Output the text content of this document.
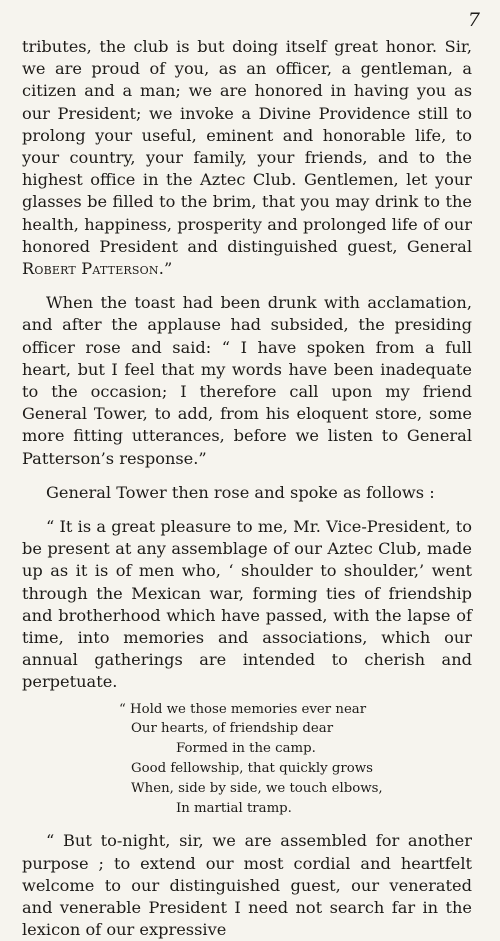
7

tributes, the club is but doing itself great honor. Sir, we are proud of you, as an officer, a gentleman, a citizen and a man; we are honored in having you as our President; we invoke a Divine Providence still to prolong your useful, eminent and honorable life, to your country, your family, your friends, and to the highest office in the Aztec Club. Gentlemen, let your glasses be filled to the brim, that you may drink to the health, happiness, prosperity and prolonged life of our honored President and distinguished guest, General Robert Patterson.”

When the toast had been drunk with acclamation, and after the applause had subsided, the presiding officer rose and said: “ I have spoken from a full heart, but I feel that my words have been inadequate to the occasion; I therefore call upon my friend General Tower, to add, from his eloquent store, some more fitting utterances, before we listen to General Patterson’s response.”

General Tower then rose and spoke as follows :

“ It is a great pleasure to me, Mr. Vice-President, to be present at any assemblage of our Aztec Club, made up as it is of men who, ‘ shoulder to shoulder,’ went through the Mexican war, forming ties of friendship and brotherhood which have passed, with the lapse of time, into memories and associations, which our annual gatherings are intended to cherish and perpetuate.

“ Hold we those memories ever near
Our hearts, of friendship dear
Formed in the camp.
Good fellowship, that quickly grows
When, side by side, we touch elbows,
In martial tramp.

“ But to-night, sir, we are assembled for another purpose ; to extend our most cordial and heartfelt welcome to our distinguished guest, our venerated and venerable President I need not search far in the lexicon of our expressive
